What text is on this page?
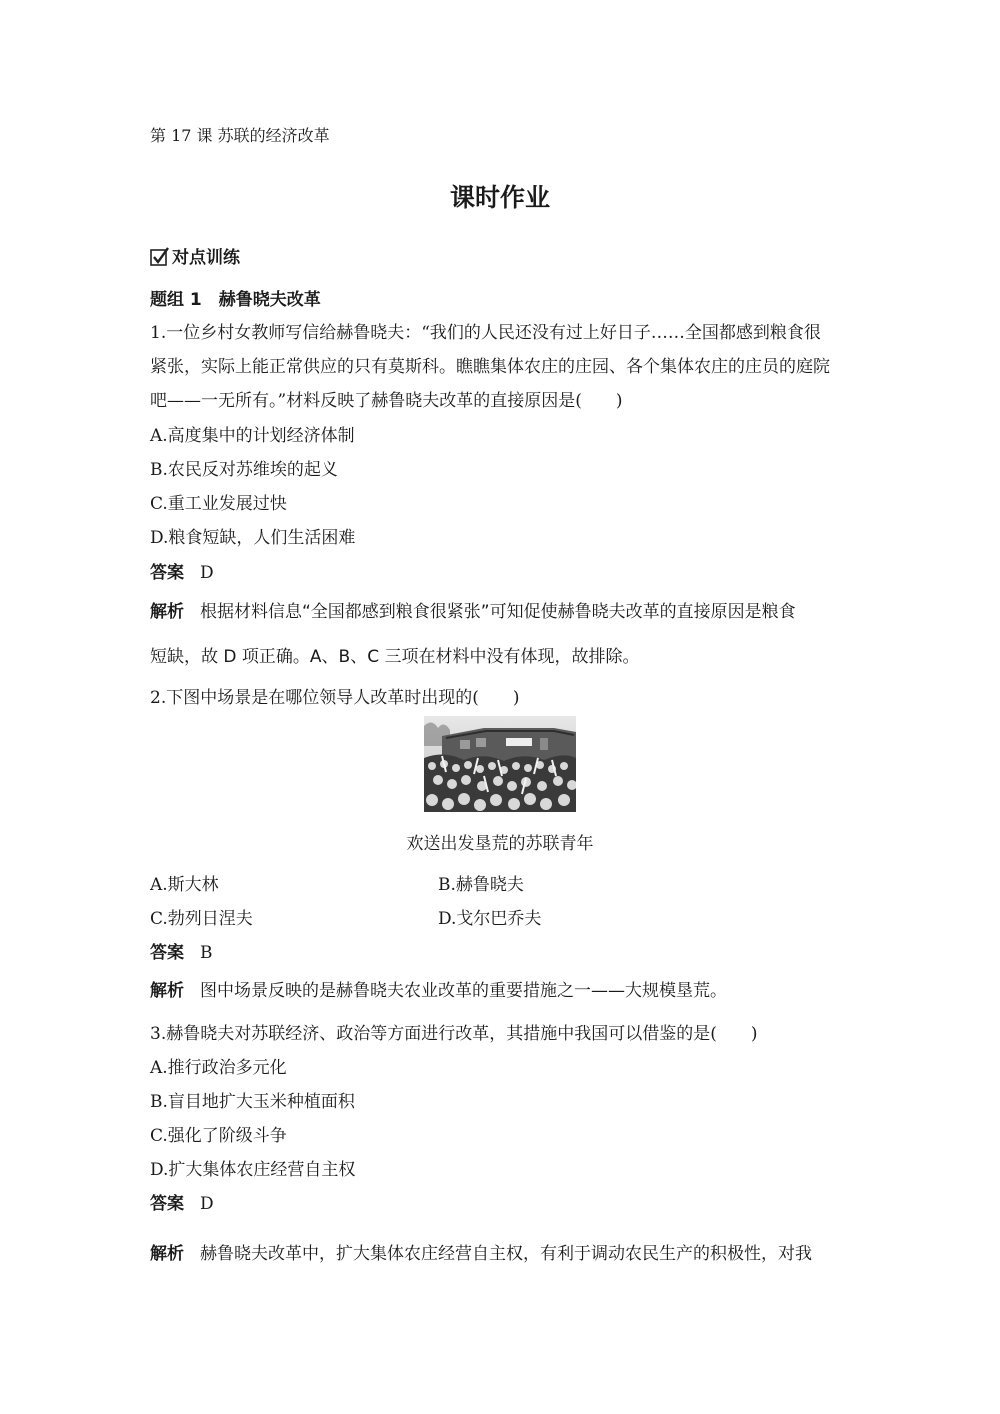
第 17 课 苏联的经济改革
课时作业
对点训练
题组 1　赫鲁晓夫改革
1.一位乡村女教师写信给赫鲁晓夫：“我们的人民还没有过上好日子……全国都感到粮食很
紧张，实际上能正常供应的只有莫斯科。瞧瞧集体农庄的庄园、各个集体农庄的庄员的庭院
吧——一无所有。”材料反映了赫鲁晓夫改革的直接原因是(　　)
A.高度集中的计划经济体制
B.农民反对苏维埃的起义
C.重工业发展过快
D.粮食短缺，人们生活困难
答案 D
解析 根据材料信息“全国都感到粮食很紧张”可知促使赫鲁晓夫改革的直接原因是粮食
短缺，故 D 项正确。A、B、C 三项在材料中没有体现，故排除。
2.下图中场景是在哪位领导人改革时出现的(　　)
欢送出发垦荒的苏联青年
A.斯大林	B.赫鲁晓夫
C.勃列日涅夫	D.戈尔巴乔夫
答案 B
解析 图中场景反映的是赫鲁晓夫农业改革的重要措施之一——大规模垦荒。
3.赫鲁晓夫对苏联经济、政治等方面进行改革，其措施中我国可以借鉴的是(　　)
A.推行政治多元化
B.盲目地扩大玉米种植面积
C.强化了阶级斗争
D.扩大集体农庄经营自主权
答案 D
解析 赫鲁晓夫改革中，扩大集体农庄经营自主权，有利于调动农民生产的积极性，对我
